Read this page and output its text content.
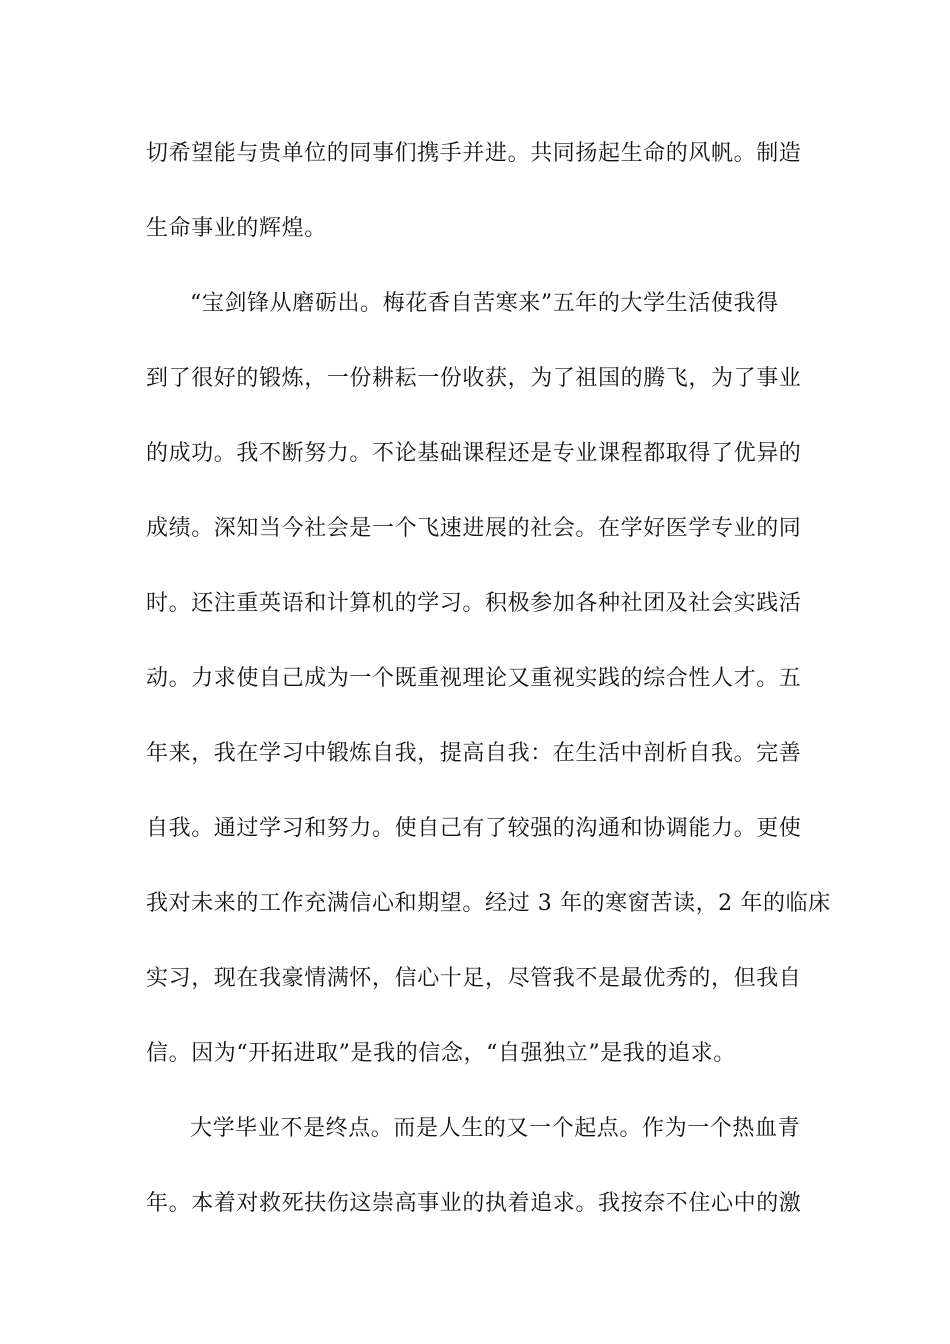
切希望能与贵单位的同事们携手并进。共同扬起生命的风帆。制造
生命事业的辉煌。
“宝剑锋从磨砺出。梅花香自苦寒来”五年的大学生活使我得
到了很好的锻炼，一份耕耘一份收获，为了祖国的腾飞，为了事业
的成功。我不断努力。不论基础课程还是专业课程都取得了优异的
成绩。深知当今社会是一个飞速进展的社会。在学好医学专业的同
时。还注重英语和计算机的学习。积极参加各种社团及社会实践活
动。力求使自己成为一个既重视理论又重视实践的综合性人才。五
年来，我在学习中锻炼自我，提高自我：在生活中剖析自我。完善
自我。通过学习和努力。使自己有了较强的沟通和协调能力。更使
我对未来的工作充满信心和期望。经过 3 年的寒窗苦读，2 年的临床
实习，现在我豪情满怀，信心十足，尽管我不是最优秀的，但我自
信。因为“开拓进取”是我的信念，“自强独立”是我的追求。
大学毕业不是终点。而是人生的又一个起点。作为一个热血青
年。本着对救死扶伤这崇高事业的执着追求。我按奈不住心中的激
